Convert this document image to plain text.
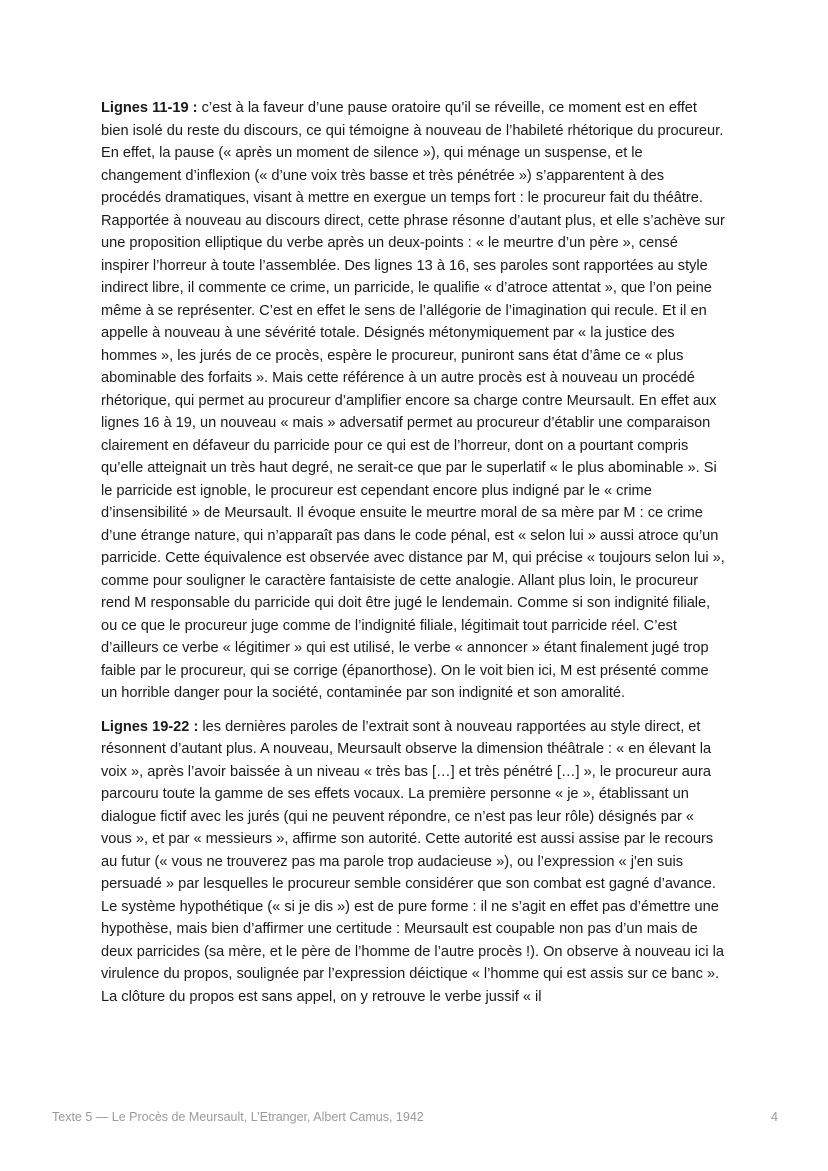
Lignes 11-19 : c’est à la faveur d’une pause oratoire qu’il se réveille, ce moment est en effet bien isolé du reste du discours, ce qui témoigne à nouveau de l’habileté rhétorique du procureur. En effet, la pause (« après un moment de silence »), qui ménage un suspense, et le changement d’inflexion (« d’une voix très basse et très pénétrée ») s’apparentent à des procédés dramatiques, visant à mettre en exergue un temps fort : le procureur fait du théâtre. Rapportée à nouveau au discours direct, cette phrase résonne d’autant plus, et elle s’achève sur une proposition elliptique du verbe après un deux-points : « le meurtre d’un père », censé inspirer l’horreur à toute l’assemblée. Des lignes 13 à 16, ses paroles sont rapportées au style indirect libre, il commente ce crime, un parricide, le qualifie « d’atroce attentat », que l’on peine même à se représenter. C’est en effet le sens de l’allégorie de l’imagination qui recule. Et il en appelle à nouveau à une sévérité totale. Désignés métonymiquement par « la justice des hommes », les jurés de ce procès, espère le procureur, puniront sans état d’âme ce « plus abominable des forfaits ». Mais cette référence à un autre procès est à nouveau un procédé rhétorique, qui permet au procureur d’amplifier encore sa charge contre Meursault. En effet aux lignes 16 à 19, un nouveau « mais » adversatif permet au procureur d’établir une comparaison clairement en défaveur du parricide pour ce qui est de l’horreur, dont on a pourtant compris qu’elle atteignait un très haut degré, ne serait-ce que par le superlatif « le plus abominable ». Si le parricide est ignoble, le procureur est cependant encore plus indigné par le « crime d’insensibilité » de Meursault. Il évoque ensuite le meurtre moral de sa mère par M : ce crime d’une étrange nature, qui n’apparaît pas dans le code pénal, est « selon lui » aussi atroce qu’un parricide. Cette équivalence est observée avec distance par M, qui précise « toujours selon lui », comme pour souligner le caractère fantaisiste de cette analogie. Allant plus loin, le procureur rend M responsable du parricide qui doit être jugé le lendemain. Comme si son indignité filiale, ou ce que le procureur juge comme de l’indignité filiale, légitimait tout parricide réel. C’est d’ailleurs ce verbe « légitimer » qui est utilisé, le verbe « annoncer » étant finalement jugé trop faible par le procureur, qui se corrige (épanorthose). On le voit bien ici, M est présenté comme un horrible danger pour la société, contaminée par son indignité et son amoralité.

Lignes 19-22 : les dernières paroles de l’extrait sont à nouveau rapportées au style direct, et résonnent d’autant plus. A nouveau, Meursault observe la dimension théâtrale : « en élevant la voix », après l’avoir baissée à un niveau « très bas […] et très pénétré […] », le procureur aura parcouru toute la gamme de ses effets vocaux. La première personne « je », établissant un dialogue fictif avec les jurés (qui ne peuvent répondre, ce n’est pas leur rôle) désignés par « vous », et par « messieurs », affirme son autorité. Cette autorité est aussi assise par le recours au futur (« vous ne trouverez pas ma parole trop audacieuse »), ou l’expression « j'en suis persuadé » par lesquelles le procureur semble considérer que son combat est gagné d’avance. Le système hypothétique (« si je dis ») est de pure forme : il ne s’agit en effet pas d’émettre une hypothèse, mais bien d’affirmer une certitude : Meursault est coupable non pas d’un mais de deux parricides (sa mère, et le père de l’homme de l’autre procès !). On observe à nouveau ici la virulence du propos, soulignée par l’expression déictique « l’homme qui est assis sur ce banc ». La clôture du propos est sans appel, on y retrouve le verbe jussif « il

Texte 5 — Le Procès de Meursault, L’Etranger, Albert Camus, 1942	4
